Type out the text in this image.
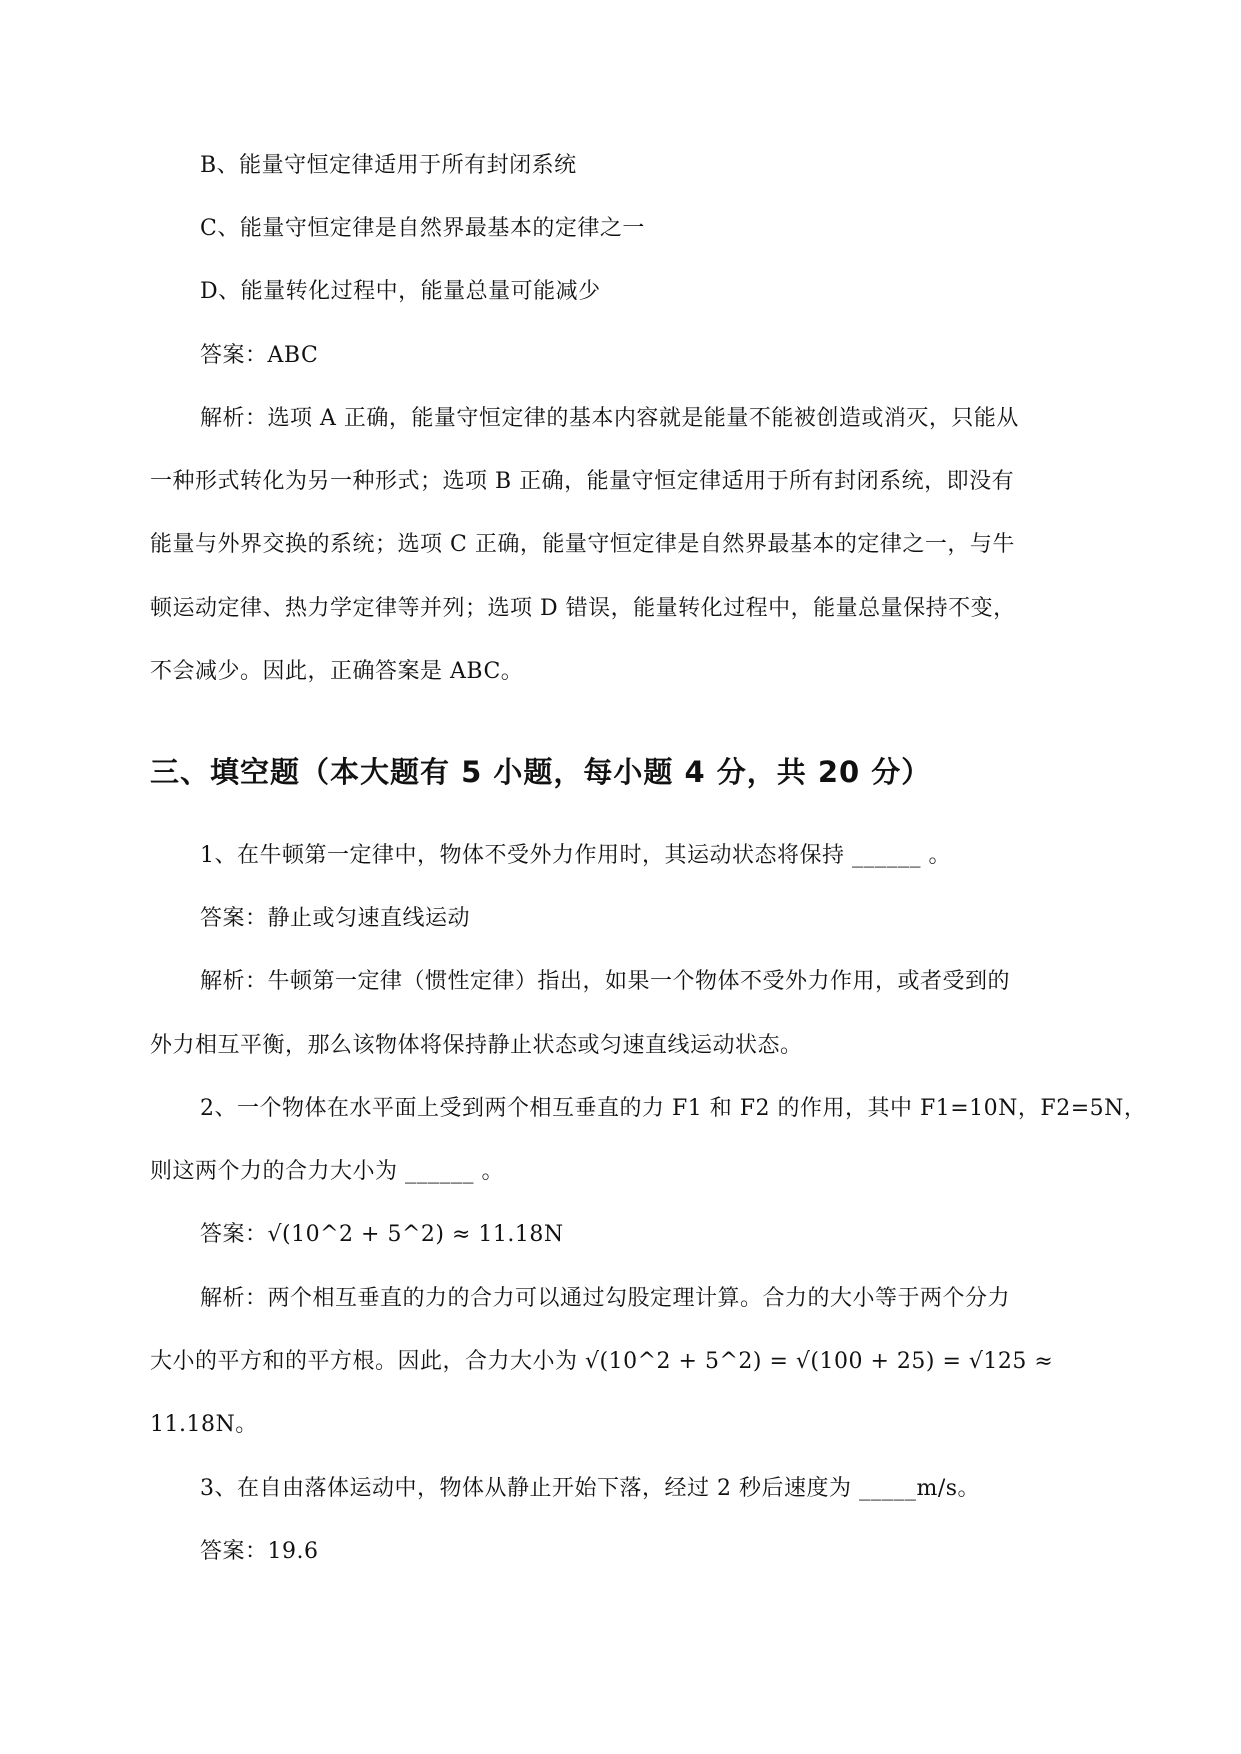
B、能量守恒定律适用于所有封闭系统
C、能量守恒定律是自然界最基本的定律之一
D、能量转化过程中，能量总量可能减少
答案：ABC
解析：选项 A 正确，能量守恒定律的基本内容就是能量不能被创造或消灭，只能从
一种形式转化为另一种形式；选项 B 正确，能量守恒定律适用于所有封闭系统，即没有
能量与外界交换的系统；选项 C 正确，能量守恒定律是自然界最基本的定律之一，与牛
顿运动定律、热力学定律等并列；选项 D 错误，能量转化过程中，能量总量保持不变，
不会减少。因此，正确答案是 ABC。
三、填空题（本大题有 5 小题，每小题 4 分，共 20 分）
1、在牛顿第一定律中，物体不受外力作用时，其运动状态将保持 ______ 。
答案：静止或匀速直线运动
解析：牛顿第一定律（惯性定律）指出，如果一个物体不受外力作用，或者受到的
外力相互平衡，那么该物体将保持静止状态或匀速直线运动状态。
2、一个物体在水平面上受到两个相互垂直的力 F1 和 F2 的作用，其中 F1=10N，F2=5N，
则这两个力的合力大小为 ______ 。
答案：√(10^2 + 5^2) ≈ 11.18N
解析：两个相互垂直的力的合力可以通过勾股定理计算。合力的大小等于两个分力
大小的平方和的平方根。因此，合力大小为 √(10^2 + 5^2) = √(100 + 25) = √125 ≈
11.18N。
3、在自由落体运动中，物体从静止开始下落，经过 2 秒后速度为 _____m/s。
答案：19.6
